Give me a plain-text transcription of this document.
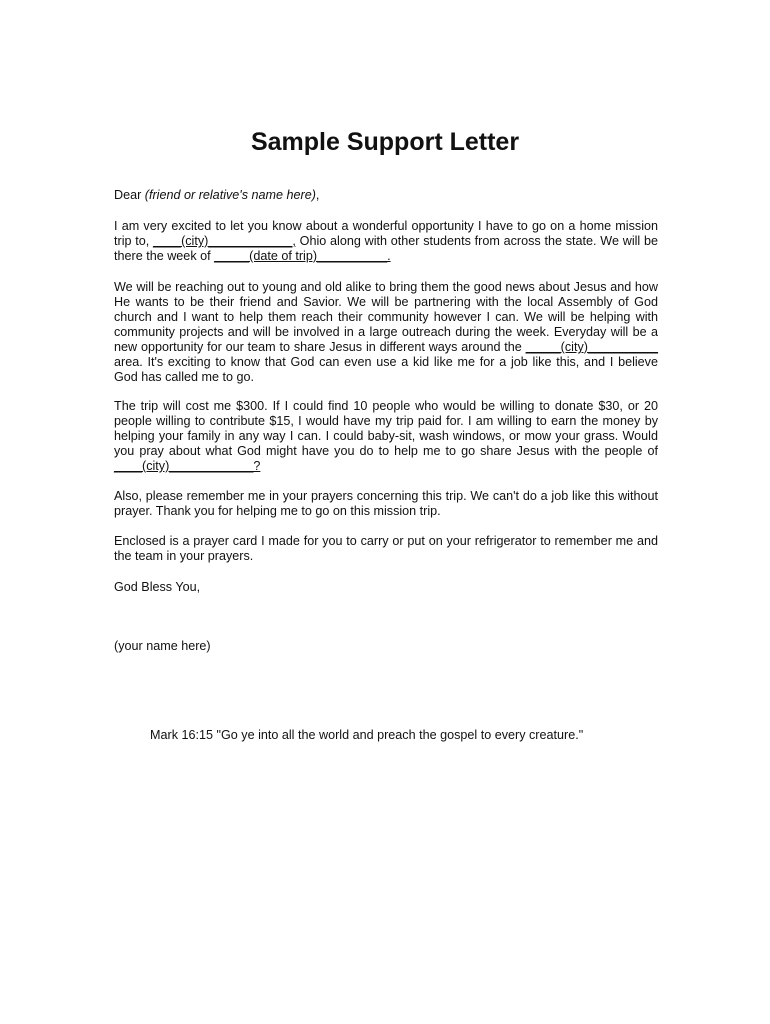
Sample Support Letter

Dear (friend or relative's name here),

I am very excited to let you know about a wonderful opportunity I have to go on a home mission trip to, ____(city)____________, Ohio along with other students from across the state. We will be there the week of _____(date of trip)__________.

We will be reaching out to young and old alike to bring them the good news about Jesus and how He wants to be their friend and Savior. We will be partnering with the local Assembly of God church and I want to help them reach their community however I can. We will be helping with community projects and will be involved in a large outreach during the week. Everyday will be a new opportunity for our team to share Jesus in different ways around the _____(city)__________ area. It's exciting to know that God can even use a kid like me for a job like this, and I believe God has called me to go.

The trip will cost me $300. If I could find 10 people who would be willing to donate $30, or 20 people willing to contribute $15, I would have my trip paid for. I am willing to earn the money by helping your family in any way I can. I could baby-sit, wash windows, or mow your grass. Would you pray about what God might have you do to help me to go share Jesus with the people of ____(city)____________?

Also, please remember me in your prayers concerning this trip. We can't do a job like this without prayer. Thank you for helping me to go on this mission trip.

Enclosed is a prayer card I made for you to carry or put on your refrigerator to remember me and the team in your prayers.

God Bless You,

(your name here)

Mark 16:15 "Go ye into all the world and preach the gospel to every creature."
